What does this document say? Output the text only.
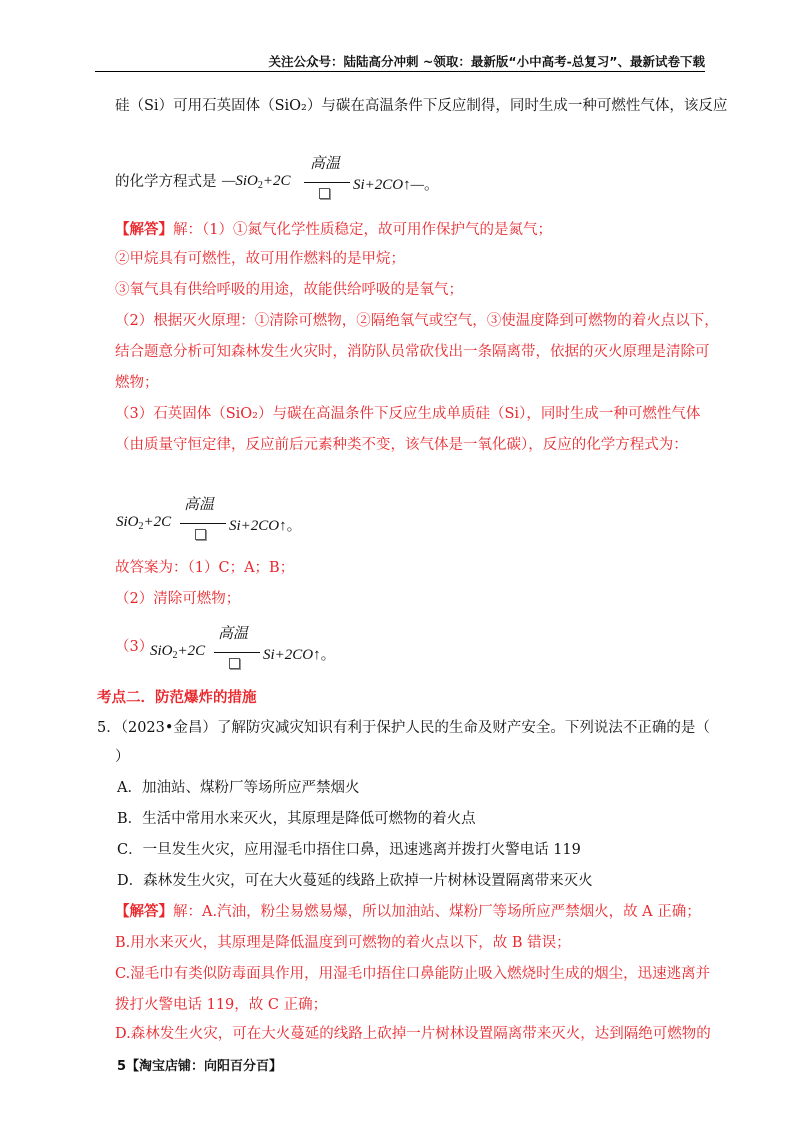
关注公众号：陆陆高分冲刺 ~领取：最新版“小中高考-总复习”、最新试卷下载
硅（Si）可用石英固体（SiO₂）与碳在高温条件下反应制得，同时生成一种可燃性气体，该反应
的化学方程式是
高温
—SiO$_2$+2C	Si+2CO↑—。
【解答】解：（1）①氮气化学性质稳定，故可用作保护气的是氮气；
②甲烷具有可燃性，故可用作燃料的是甲烷；
③氧气具有供给呼吸的用途，故能供给呼吸的是氧气；
（2）根据灭火原理：①清除可燃物，②隔绝氧气或空气，③使温度降到可燃物的着火点以下，
结合题意分析可知森林发生火灾时，消防队员常砍伐出一条隔离带，依据的灭火原理是清除可
燃物；
（3）石英固体（SiO₂）与碳在高温条件下反应生成单质硅（Si），同时生成一种可燃性气体
（由质量守恒定律，反应前后元素种类不变，该气体是一氧化碳），反应的化学方程式为：
高温
SiO$_2$+2C	Si+2CO↑。
故答案为：（1）C；A；B；
（2）清除可燃物；
（3）
高温
SiO$_2$+2C	Si+2CO↑。
考点二．防范爆炸的措施
5．（2023•金昌）了解防灾减灾知识有利于保护人民的生命及财产安全。下列说法不正确的是（
）
A．加油站、煤粉厂等场所应严禁烟火
B．生活中常用水来灭火，其原理是降低可燃物的着火点
C．一旦发生火灾，应用湿毛巾捂住口鼻，迅速逃离并拨打火警电话 119
D．森林发生火灾，可在大火蔓延的线路上砍掉一片树林设置隔离带来灭火
【解答】解：A.汽油，粉尘易燃易爆，所以加油站、煤粉厂等场所应严禁烟火，故 A 正确；
B.用水来灭火，其原理是降低温度到可燃物的着火点以下，故 B 错误；
C.湿毛巾有类似防毒面具作用，用湿毛巾捂住口鼻能防止吸入燃烧时生成的烟尘，迅速逃离并
拨打火警电话 119，故 C 正确；
D.森林发生火灾，可在大火蔓延的线路上砍掉一片树林设置隔离带来灭火，达到隔绝可燃物的
5【淘宝店铺：向阳百分百】
